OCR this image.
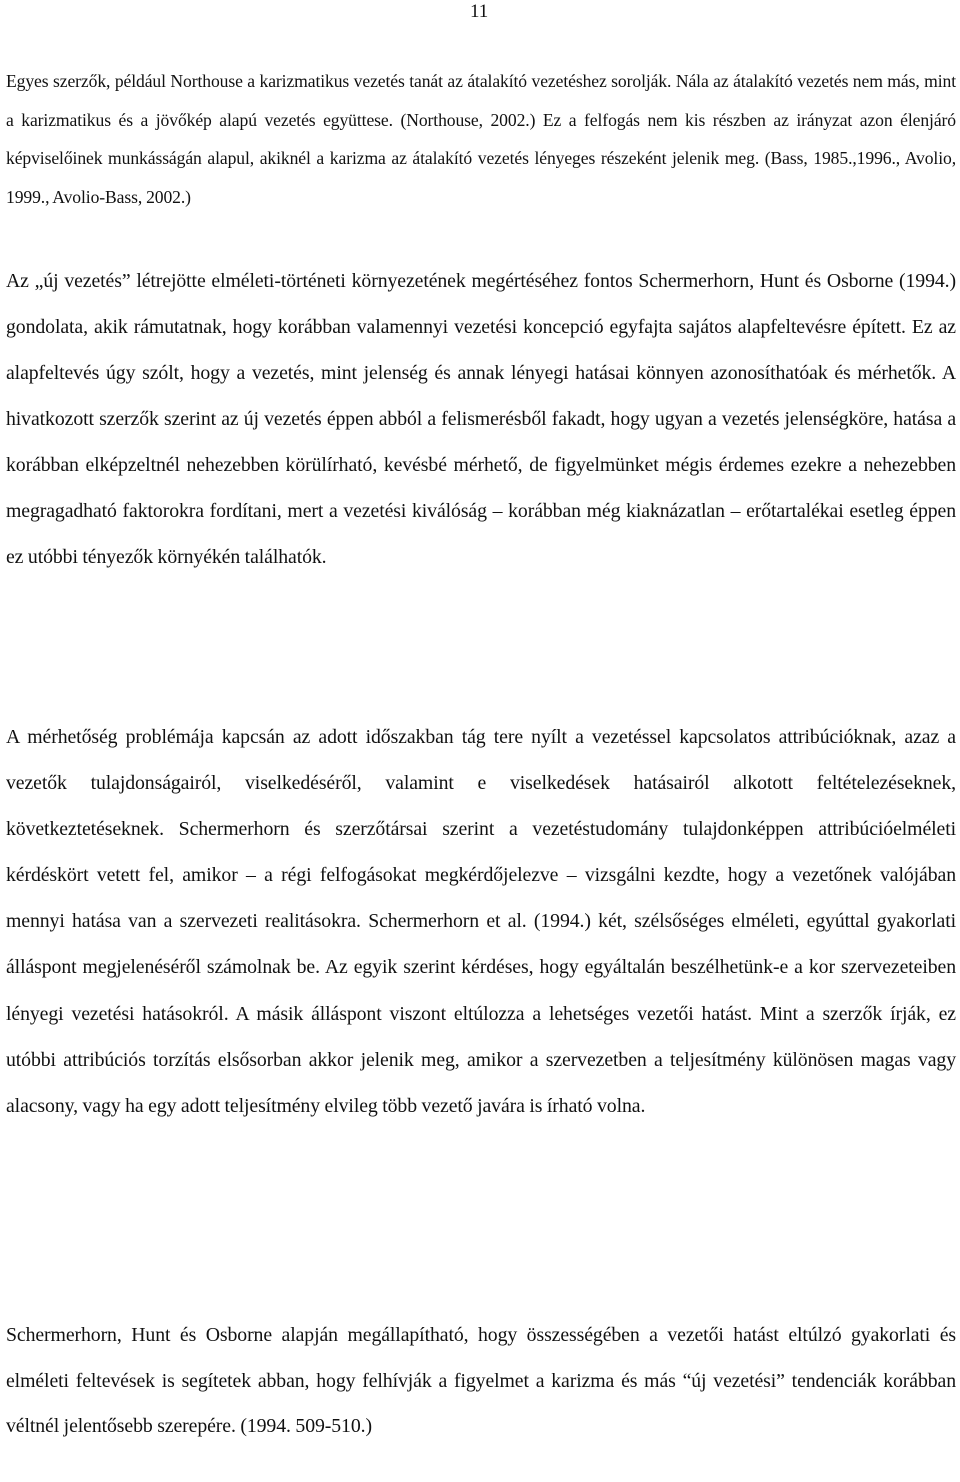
11

Egyes szerzők, például Northouse a karizmatikus vezetés tanát az átalakító vezetéshez sorolják. Nála az átalakító vezetés nem más, mint a karizmatikus és a jövőkép alapú vezetés együttese. (Northouse, 2002.) Ez a felfogás nem kis részben az irányzat azon élenjáró képviselőinek munkásságán alapul, akiknél a karizma az átalakító vezetés lényeges részeként jelenik meg. (Bass, 1985.,1996., Avolio, 1999., Avolio-Bass, 2002.)

Az „új vezetés” létrejötte elméleti-történeti környezetének megértéséhez fontos Schermerhorn, Hunt és Osborne (1994.) gondolata, akik rámutatnak, hogy korábban valamennyi vezetési koncepció egyfajta sajátos alapfeltevésre épített. Ez az alapfeltevés úgy szólt, hogy a vezetés, mint jelenség és annak lényegi hatásai könnyen azonosíthatóak és mérhetők. A hivatkozott szerzők szerint az új vezetés éppen abból a felismerésből fakadt, hogy ugyan a vezetés jelenségköre, hatása a korábban elképzeltnél nehezebben körülírható, kevésbé mérhető, de figyelmünket mégis érdemes ezekre a nehezebben megragadható faktorokra fordítani, mert a vezetési kiválóság – korábban még kiaknázatlan – erőtartalékai esetleg éppen ez utóbbi tényezők környékén találhatók.

A mérhetőség problémája kapcsán az adott időszakban tág tere nyílt a vezetéssel kapcsolatos attribúcióknak, azaz a vezetők tulajdonságairól, viselkedéséről, valamint e viselkedések hatásairól alkotott feltételezéseknek, következtetéseknek. Schermerhorn és szerzőtársai szerint a vezetéstudomány tulajdonképpen attribúcióelméleti kérdéskört vetett fel, amikor – a régi felfogásokat megkérdőjelezve – vizsgálni kezdte, hogy a vezetőnek valójában mennyi hatása van a szervezeti realitásokra. Schermerhorn et al. (1994.) két, szélsőséges elméleti, egyúttal gyakorlati álláspont megjelenéséről számolnak be. Az egyik szerint kérdéses, hogy egyáltalán beszélhetünk-e a kor szervezeteiben lényegi vezetési hatásokról. A másik álláspont viszont eltúlozza a lehetséges vezetői hatást. Mint a szerzők írják, ez utóbbi attribúciós torzítás elsősorban akkor jelenik meg, amikor a szervezetben a teljesítmény különösen magas vagy alacsony, vagy ha egy adott teljesítmény elvileg több vezető javára is írható volna.

Schermerhorn, Hunt és Osborne alapján megállapítható, hogy összességében a vezetői hatást eltúlzó gyakorlati és elméleti feltevések is segítetek abban, hogy felhívják a figyelmet a karizma és más “új vezetési” tendenciák korábban véltnél jelentősebb szerepére. (1994. 509-510.)
